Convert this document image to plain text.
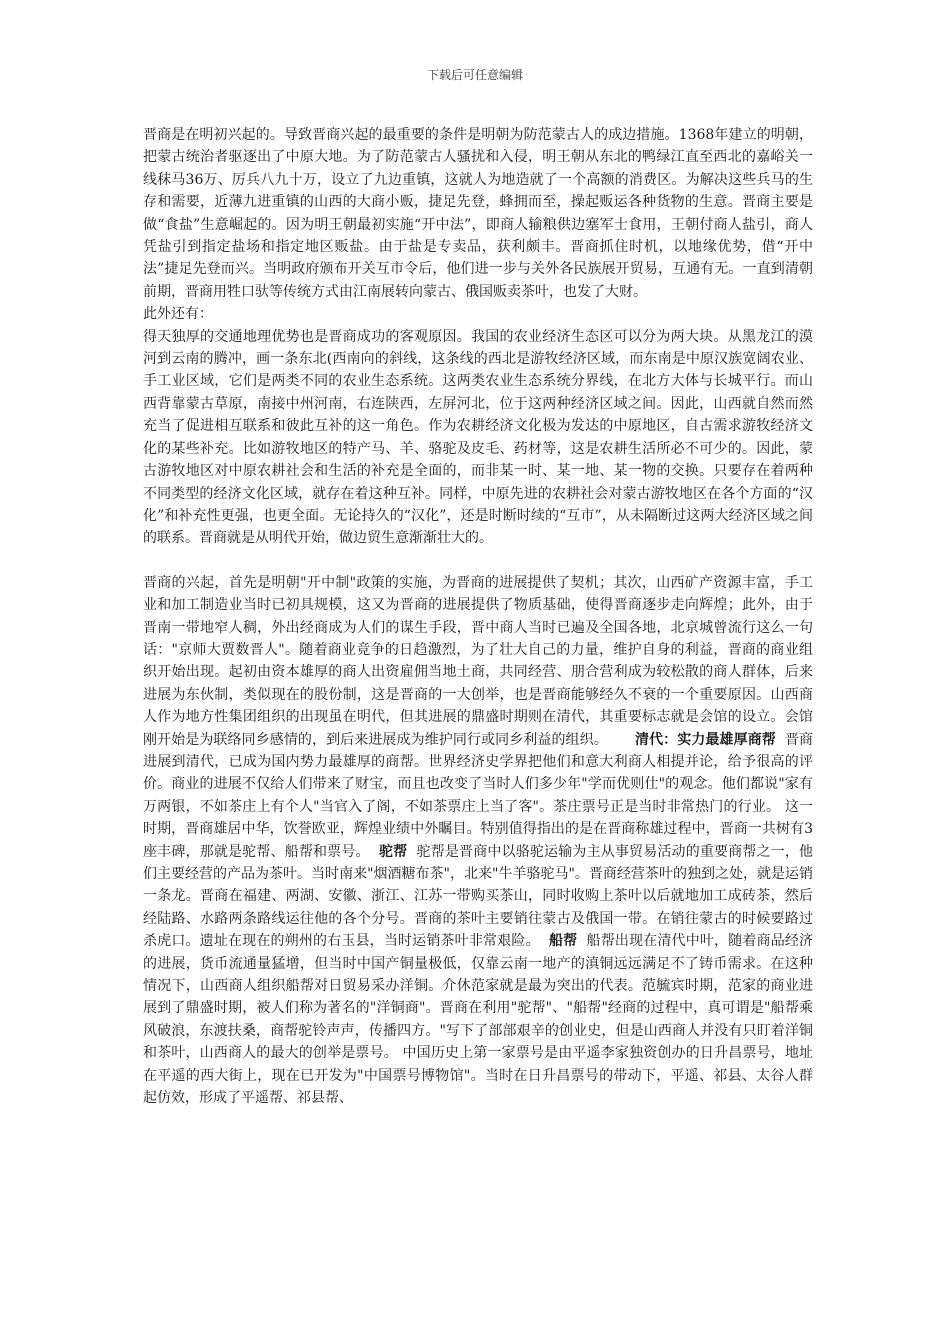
下载后可任意编辑

晋商是在明初兴起的。导致晋商兴起的最重要的条件是明朝为防范蒙古人的成边措施。1368年建立的明朝，把蒙古统治者驱逐出了中原大地。为了防范蒙古人骚扰和入侵，明王朝从东北的鸭绿江直至西北的嘉峪关一线秣马36万、厉兵八九十万，设立了九边重镇，这就人为地造就了一个高额的消费区。为解决这些兵马的生存和需要，近薄九进重镇的山西的大商小贩，捷足先登，蜂拥而至，操起贩运各种货物的生意。晋商主要是做“食盐”生意崛起的。因为明王朝最初实施“开中法”，即商人输粮供边塞军士食用，王朝付商人盐引，商人凭盐引到指定盐场和指定地区贩盐。由于盐是专卖品，获利颇丰。晋商抓住时机，以地缘优势，借“开中法”捷足先登而兴。当明政府颁布开关互市令后，他们进一步与关外各民族展开贸易，互通有无。一直到清朝前期，晋商用牲口驮等传统方式由江南展转向蒙古、俄国贩卖茶叶，也发了大财。

此外还有：

得天独厚的交通地理优势也是晋商成功的客观原因。我国的农业经济生态区可以分为两大块。从黑龙江的漠河到云南的腾冲，画一条东北(西南向的斜线，这条线的西北是游牧经济区域，而东南是中原汉族宽阔农业、手工业区域，它们是两类不同的农业生态系统。这两类农业生态系统分界线，在北方大体与长城平行。而山西背靠蒙古草原，南接中州河南，右连陕西，左屏河北，位于这两种经济区域之间。因此，山西就自然而然充当了促进相互联系和彼此互补的这一角色。作为农耕经济文化极为发达的中原地区，自古需求游牧经济文化的某些补充。比如游牧地区的特产马、羊、骆驼及皮毛、药材等，这是农耕生活所必不可少的。因此，蒙古游牧地区对中原农耕社会和生活的补充是全面的，而非某一时、某一地、某一物的交换。只要存在着两种不同类型的经济文化区域，就存在着这种互补。同样，中原先进的农耕社会对蒙古游牧地区在各个方面的“汉化”和补充性更强，也更全面。无论持久的“汉化”，还是时断时续的“互市”，从未隔断过这两大经济区域之间的联系。晋商就是从明代开始，做边贸生意渐渐壮大的。

晋商的兴起，首先是明朝"开中制"政策的实施，为晋商的进展提供了契机；其次，山西矿产资源丰富，手工业和加工制造业当时已初具规模，这又为晋商的进展提供了物质基础，使得晋商逐步走向辉煌；此外，由于晋南一带地窄人稠，外出经商成为人们的谋生手段，晋中商人当时已遍及全国各地，北京城曾流行这么一句话："京师大贾数晋人"。随着商业竞争的日趋激烈，为了壮大自己的力量，维护自身的利益，晋商的商业组织开始出现。起初由资本雄厚的商人出资雇佣当地土商，共同经营、朋合营利成为较松散的商人群体，后来进展为东伙制，类似现在的股份制，这是晋商的一大创举，也是晋商能够经久不衰的一个重要原因。山西商人作为地方性集团组织的出现虽在明代，但其进展的鼎盛时期则在清代，其重要标志就是会馆的设立。会馆刚开始是为联络同乡感情的，到后来进展成为维护同行或同乡利益的组织。 清代：实力最雄厚商帮 晋商进展到清代，已成为国内势力最雄厚的商帮。世界经济史学界把他们和意大利商人相提并论，给予很高的评价。商业的进展不仅给人们带来了财宝，而且也改变了当时人们多少年"学而优则仕"的观念。他们都说"家有万两银，不如茶庄上有个人"当官入了阁，不如茶票庄上当了客"。茶庄票号正是当时非常热门的行业。 这一时期，晋商雄居中华，饮誉欧亚，辉煌业绩中外瞩目。特别值得指出的是在晋商称雄过程中，晋商一共树有3座丰碑，那就是驼帮、船帮和票号。 驼帮 驼帮是晋商中以骆驼运输为主从事贸易活动的重要商帮之一，他们主要经营的产品为茶叶。当时南来"烟酒糖布茶"，北来"牛羊骆驼马"。晋商经营茶叶的独到之处，就是运销一条龙。晋商在福建、两湖、安徽、浙江、江苏一带购买茶山，同时收购上茶叶以后就地加工成砖茶，然后经陆路、水路两条路线运往他的各个分号。晋商的茶叶主要销往蒙古及俄国一带。在销往蒙古的时候要路过杀虎口。遗址在现在的朔州的右玉县，当时运销茶叶非常艰险。 船帮 船帮出现在清代中叶，随着商品经济的进展，货币流通量猛增，但当时中国产铜量极低，仅靠云南一地产的滇铜远远满足不了铸币需求。在这种情况下，山西商人组织船帮对日贸易采办洋铜。介休范家就是最为突出的代表。范毓宾时期，范家的商业进展到了鼎盛时期，被人们称为著名的"洋铜商"。晋商在利用"驼帮"、"船帮"经商的过程中，真可谓是"船帮乘风破浪，东渡扶桑，商帮驼铃声声，传播四方。"写下了部部艰辛的创业史，但是山西商人并没有只盯着洋铜和茶叶，山西商人的最大的创举是票号。 中国历史上第一家票号是由平遥李家独资创办的日升昌票号，地址在平遥的西大街上，现在已开发为"中国票号博物馆"。当时在日升昌票号的带动下，平遥、祁县、太谷人群起仿效，形成了平遥帮、祁县帮、
